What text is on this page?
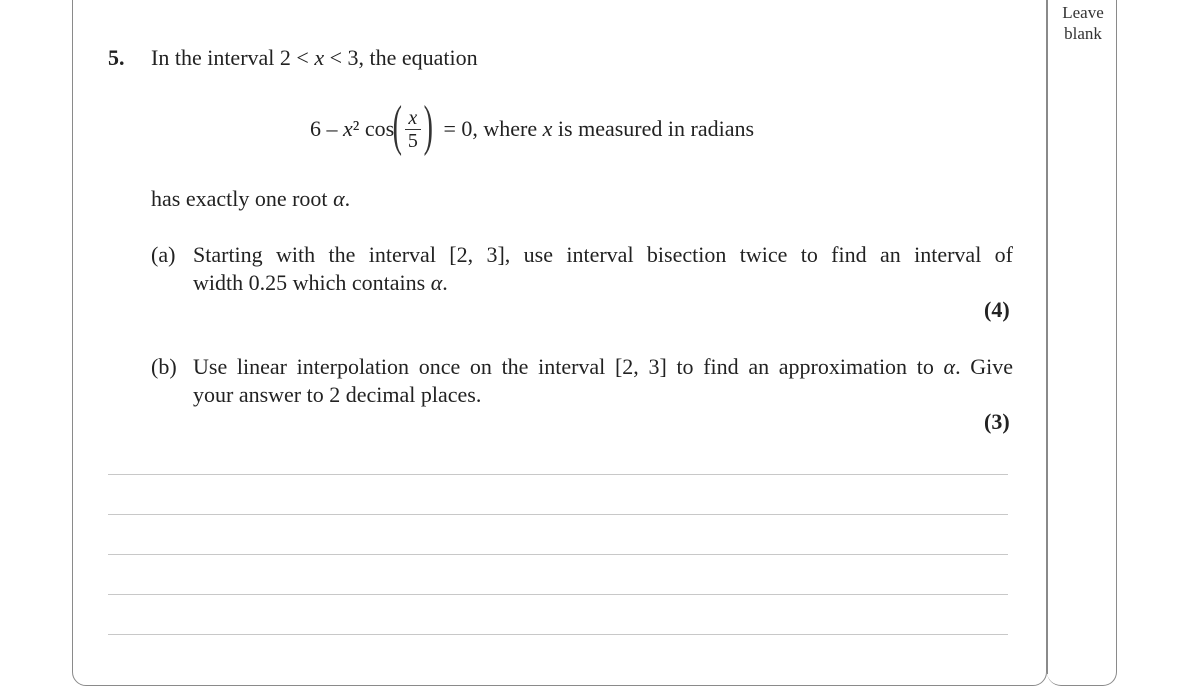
Leave
blank
5. In the interval 2 < x < 3, the equation
6 – x² cos
( $\frac{x}{5}$ ) = 0, where x is measured in radians
has exactly one root α.
(a) Starting with the interval [2, 3], use interval bisection twice to find an interval of
width 0.25 which contains α.
(4)
(b) Use linear interpolation once on the interval [2, 3] to find an approximation to α. Give
your answer to 2 decimal places.
(3)
